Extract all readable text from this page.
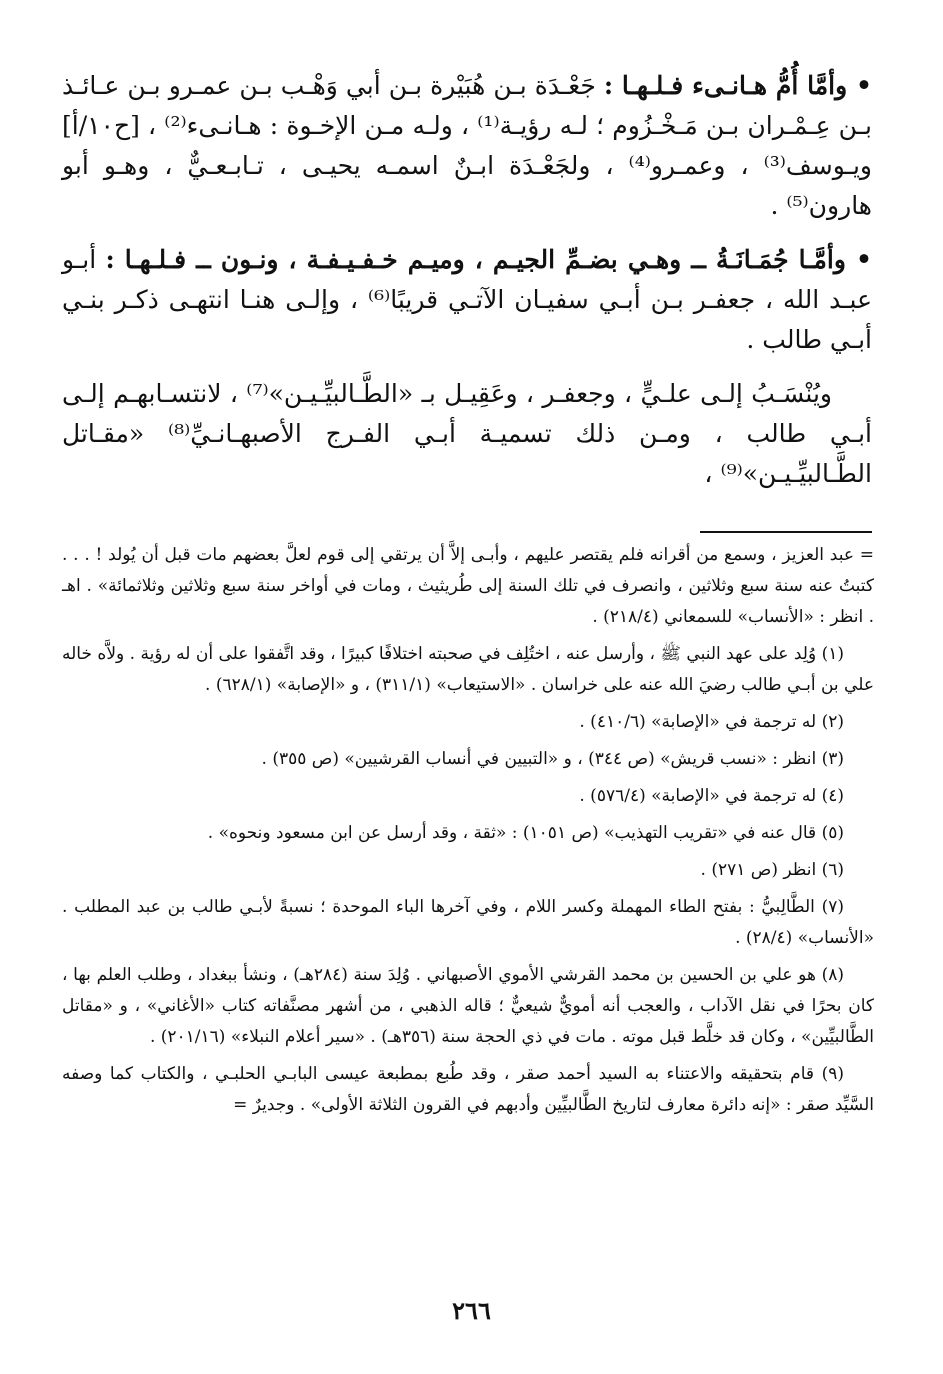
• وأمَّا أُمُّ هـانـىء فـلـهـا : جَعْـدَة بـن هُبَيْرة بـن أبي وَهْـب بـن عمـرو بـن عـائـذ بـن عِـمْـران بـن مَـخْـزُوم ؛ لـه رؤيـة⁽¹⁾ ، ولـه مـن الإخـوة : هـانـىء⁽²⁾ ، [ح١٠/أ] ويـوسف⁽³⁾ ، وعمـرو⁽⁴⁾ ، ولجَعْـدَة ابـنٌ اسمـه يحيـى ، تـابـعـيٌّ ، وهـو أبو هارون⁽⁵⁾ .

• وأمَّـا جُمَـانَـةُ ــ وهـي بضـمِّ الجيـم ، وميـم خـفـيـفـة ، ونـون ــ فـلـهـا : أبـو عبـد الله ، جعفـر بـن أبـي سفيـان الآتـي قريبًا⁽⁶⁾ ، وإلـى هنـا انتهـى ذكـر بنـي أبـي طالب .

ويُنْسَـبُ إلـى علـيٍّ ، وجعفـر ، وعَقِيـل بـ «الطَّـالبيِّـيـن»⁽⁷⁾ ، لانتسـابهـم إلـى أبـي طالب ، ومـن ذلك تسميـة أبـي الفـرج الأصبهـانـيِّ⁽⁸⁾ «مقـاتل الطَّـالبيِّـيـن»⁽⁹⁾ ،

= عبد العزيز ، وسمع من أقرانه فلم يقتصر عليهم ، وأبـى إلاَّ أن يرتقي إلى قوم لعلَّ بعضهم مات قبل أن يُولد ! . . . كتبتُ عنه سنة سبع وثلاثين ، وانصرف في تلك السنة إلى طُريثيث ، ومات في أواخر سنة سبع وثلاثين وثلاثمائة» . اهـ . انظر : «الأنساب» للسمعاني (٢١٨/٤) .

(١) وُلِد على عهد النبي ﷺ ، وأرسل عنه ، اختُلِف في صحبته اختلافًا كبيرًا ، وقد اتَّفقوا على أن له رؤية . ولاَّه خاله علي بن أبـي طالب رضيَ الله عنه على خراسان . «الاستيعاب» (٣١١/١) ، و «الإصابة» (٦٢٨/١) .

(٢) له ترجمة في «الإصابة» (٤١٠/٦) .

(٣) انظر : «نسب قريش» (ص ٣٤٤) ، و «التبيين في أنساب القرشيين» (ص ٣٥٥) .

(٤) له ترجمة في «الإصابة» (٥٧٦/٤) .

(٥) قال عنه في «تقريب التهذيب» (ص ١٠٥١) : «ثقة ، وقد أرسل عن ابن مسعود ونحوه» .

(٦) انظر (ص ٢٧١) .

(٧) الطَّالِبيُّ : بفتح الطاء المهملة وكسر اللام ، وفي آخرها الباء الموحدة ؛ نسبةً لأبـي طالب بن عبد المطلب . «الأنساب» (٢٨/٤) .

(٨) هو علي بن الحسين بن محمد القرشي الأموي الأصبهاني . وُلِدَ سنة (٢٨٤هـ) ، ونشأ ببغداد ، وطلب العلم بها ، كان بحرًا في نقل الآداب ، والعجب أنه أمويٌّ شيعيٌّ ؛ قاله الذهبي ، من أشهر مصنَّفاته كتاب «الأغاني» ، و «مقاتل الطَّالبيِّين» ، وكان قد خلَّط قبل موته . مات في ذي الحجة سنة (٣٥٦هـ) . «سير أعلام النبلاء» (٢٠١/١٦) .

(٩) قام بتحقيقه والاعتناء به السيد أحمد صقر ، وقد طُبع بمطبعة عيسى البابـي الحلبـي ، والكتاب كما وصفه السَّيِّد صقر : «إنه دائرة معارف لتاريخ الطَّالبيِّين وأدبهم في القرون الثلاثة الأولى» . وجديرٌ =

٢٦٦
